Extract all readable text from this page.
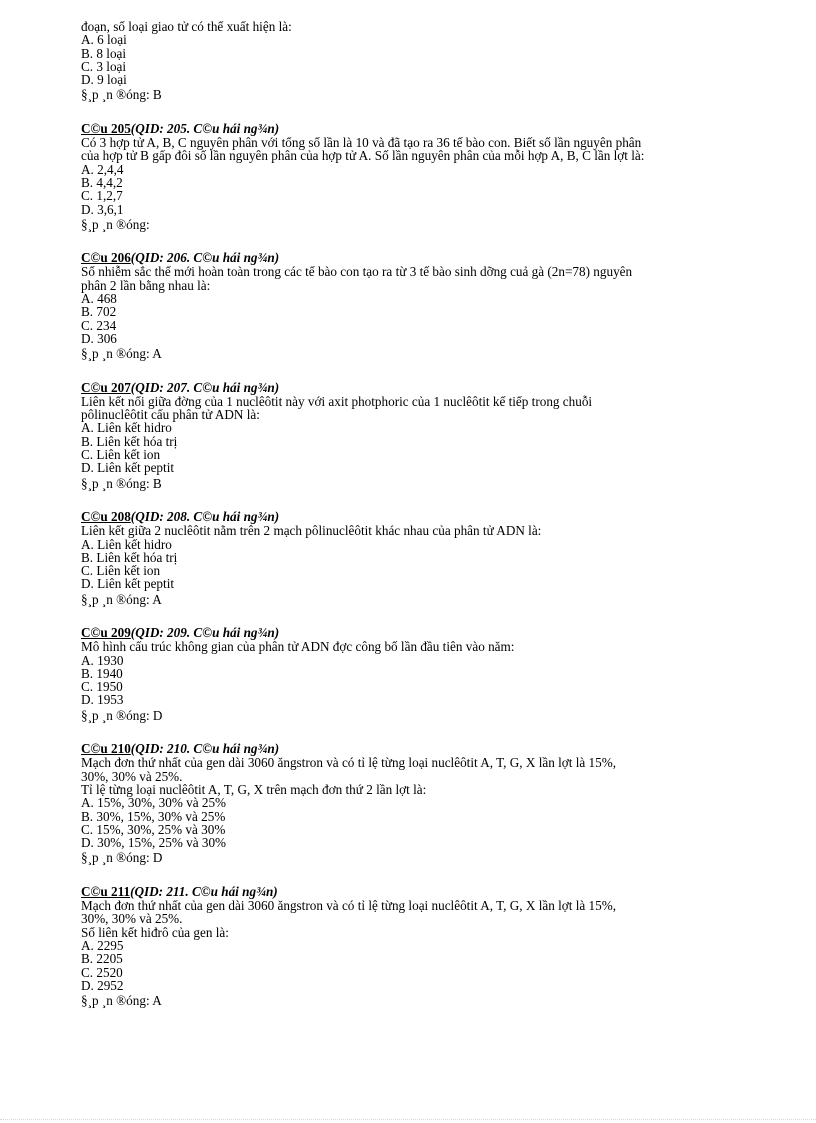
đoạn, số loại giao tử có thể xuất hiện là:
A. 6 loại
B. 8 loại
C. 3 loại
D. 9 loại
§¸p ¸n ®óng: B
C©u 205(QID: 205. C©u hái ng¾n)
Có 3 hợp tử A, B, C nguyên phân với tổng số lần là 10 và đã tạo ra 36 tế bào con. Biết số lần nguyên phân
của hợp tử B gấp đôi số lần nguyên phân của hợp tử A. Số lần nguyên phân của mỗi hợp A, B, C lần lợt là:
A. 2,4,4
B. 4,4,2
C. 1,2,7
D. 3,6,1
§¸p ¸n ®óng:
C©u 206(QID: 206. C©u hái ng¾n)
Số nhiễm sắc thể mới hoàn toàn trong các tế bào con tạo ra từ 3 tế bào sinh dỡng cuả gà (2n=78) nguyên
phân 2 lần bằng nhau là:
A. 468
B. 702
C. 234
D. 306
§¸p ¸n ®óng: A
C©u 207(QID: 207. C©u hái ng¾n)
Liên kết nối giữa đờng của 1 nuclêôtit này với axit photphoric của 1 nuclêôtit kế tiếp trong chuỗi
pôlinuclêôtit cấu phân tử ADN là:
A. Liên kết hidro
B. Liên kết hóa trị
C. Liên kết ion
D. Liên kết peptit
§¸p ¸n ®óng: B
C©u 208(QID: 208. C©u hái ng¾n)
Liên kết giữa 2 nuclêôtit nằm trên 2 mạch pôlinuclêôtit khác nhau của phân tử ADN là:
A. Liên kết hidro
B. Liên kết hóa trị
C. Liên kết ion
D. Liên kết peptit
§¸p ¸n ®óng: A
C©u 209(QID: 209. C©u hái ng¾n)
Mô hình cấu trúc không gian của phân tử ADN đợc công bố lần đầu tiên vào năm:
A. 1930
B. 1940
C. 1950
D. 1953
§¸p ¸n ®óng: D
C©u 210(QID: 210. C©u hái ng¾n)
Mạch đơn thứ nhất của gen dài 3060 ăngstron và có tỉ lệ từng loại nuclêôtit A, T, G, X lần lợt là 15%,
30%, 30% và 25%.
Tỉ lệ từng loại nuclêôtit A, T, G, X trên mạch đơn thứ 2 lần lợt là:
A. 15%, 30%, 30% và 25%
B. 30%, 15%, 30% và 25%
C. 15%, 30%, 25% và 30%
D. 30%, 15%, 25% và 30%
§¸p ¸n ®óng: D
C©u 211(QID: 211. C©u hái ng¾n)
Mạch đơn thứ nhất của gen dài 3060 ăngstron và có tỉ lệ từng loại nuclêôtit A, T, G, X lần lợt là 15%,
30%, 30% và 25%.
Số liên kết hiđrô của gen là:
A. 2295
B. 2205
C. 2520
D. 2952
§¸p ¸n ®óng: A
